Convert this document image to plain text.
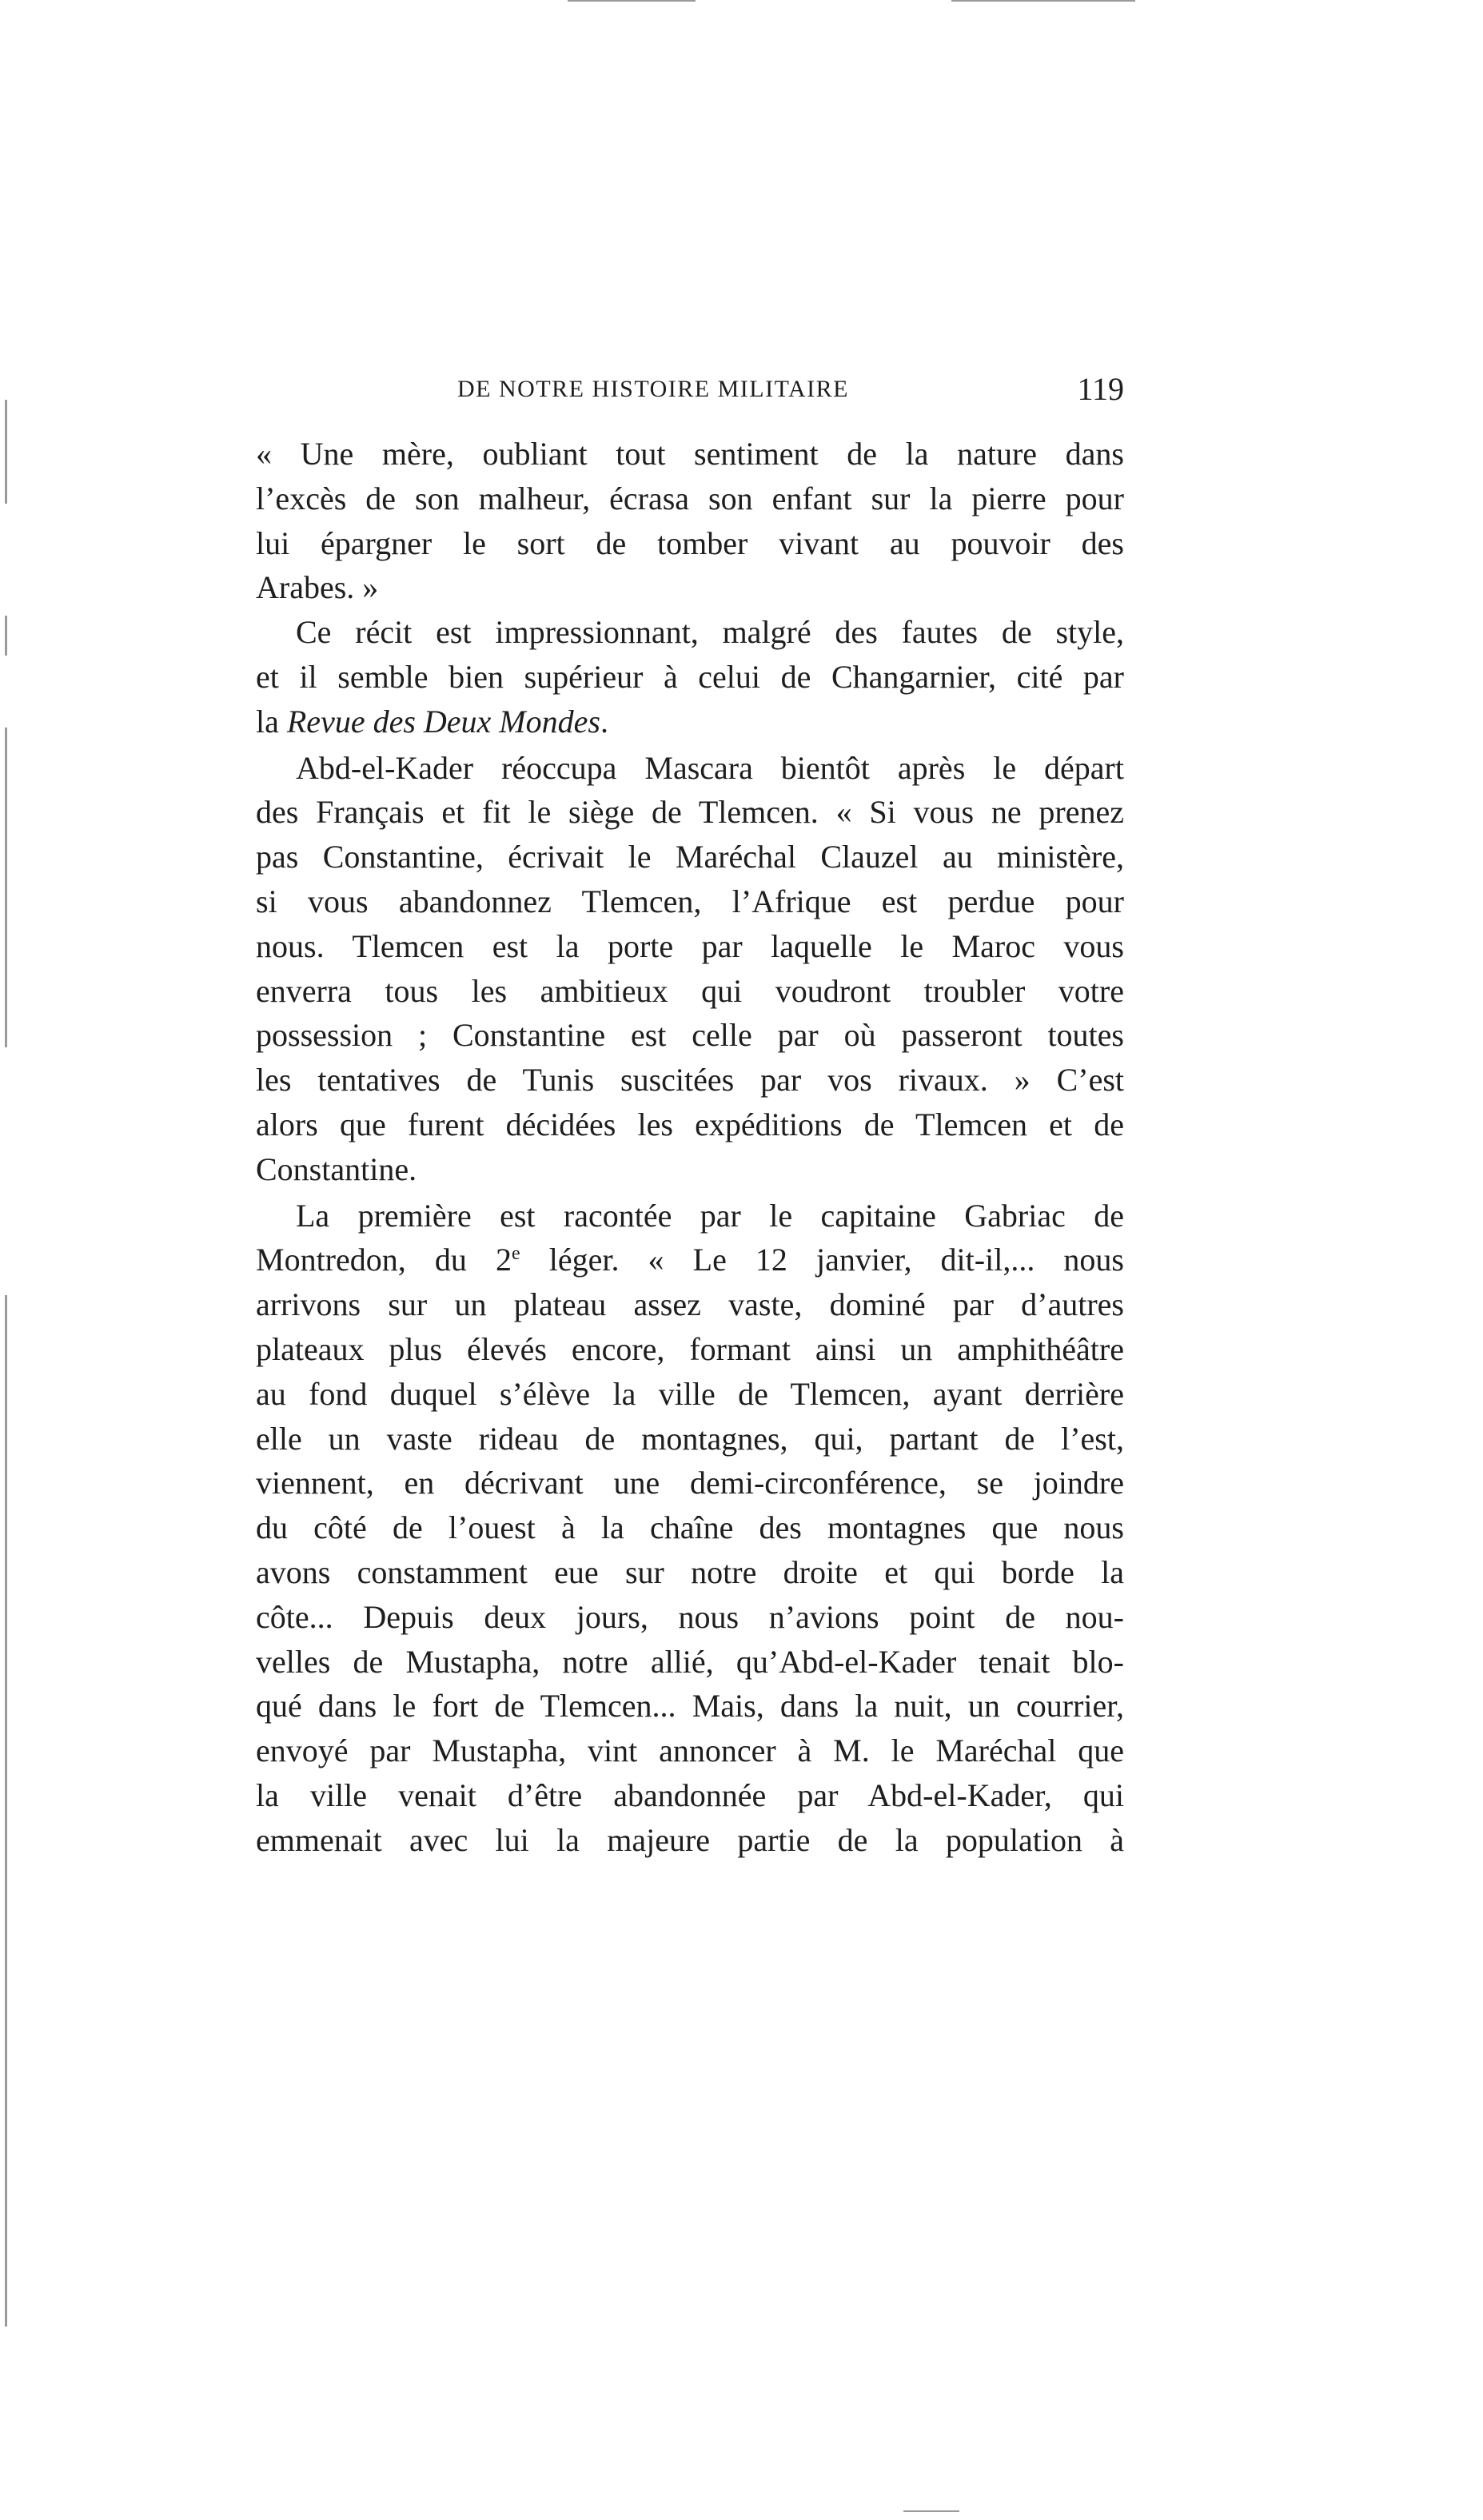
DE NOTRE HISTOIRE MILITAIRE	119
« Une mère, oubliant tout sentiment de la nature dans
l’excès de son malheur, écrasa son enfant sur la pierre pour
lui épargner le sort de tomber vivant au pouvoir des
Arabes. »
Ce récit est impressionnant, malgré des fautes de style,
et il semble bien supérieur à celui de Changarnier, cité par
la Revue des Deux Mondes.
Abd-el-Kader réoccupa Mascara bientôt après le départ
des Français et fit le siège de Tlemcen. « Si vous ne prenez
pas Constantine, écrivait le Maréchal Clauzel au ministère,
si vous abandonnez Tlemcen, l’Afrique est perdue pour
nous. Tlemcen est la porte par laquelle le Maroc vous
enverra tous les ambitieux qui voudront troubler votre
possession ; Constantine est celle par où passeront toutes
les tentatives de Tunis suscitées par vos rivaux. » C’est
alors que furent décidées les expéditions de Tlemcen et de
Constantine.
La première est racontée par le capitaine Gabriac de
Montredon, du 2e léger. « Le 12 janvier, dit-il,... nous
arrivons sur un plateau assez vaste, dominé par d’autres
plateaux plus élevés encore, formant ainsi un amphithéâtre
au fond duquel s’élève la ville de Tlemcen, ayant derrière
elle un vaste rideau de montagnes, qui, partant de l’est,
viennent, en décrivant une demi-circonférence, se joindre
du côté de l’ouest à la chaîne des montagnes que nous
avons constamment eue sur notre droite et qui borde la
côte... Depuis deux jours, nous n’avions point de nou-
velles de Mustapha, notre allié, qu’Abd-el-Kader tenait blo-
qué dans le fort de Tlemcen... Mais, dans la nuit, un courrier,
envoyé par Mustapha, vint annoncer à M. le Maréchal que
la ville venait d’être abandonnée par Abd-el-Kader, qui
emmenait avec lui la majeure partie de la population à
